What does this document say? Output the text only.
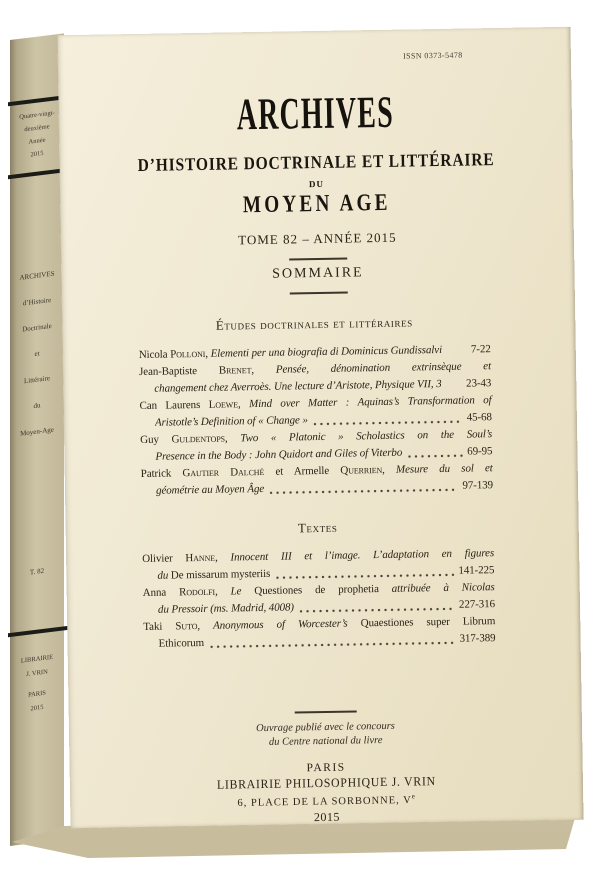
Quatre-vingt-
deuxième
Année
2015
ARCHIVES
d’Histoire
Doctrinale
et
Littéraire
du
Moyen-Age
T. 82
LIBRAIRIE
J. VRIN
PARIS
2015
ISSN 0373-5478
ARCHIVES
D’HISTOIRE DOCTRINALE ET LITTÉRAIRE
DU
MOYEN AGE
TOME 82 – ANNÉE 2015
SOMMAIRE
Études doctrinales et littéraires
Nicola Polloni, Elementi per una biografia di Dominicus Gundissalvi	7-22
Jean-Baptiste Brenet, Pensée, dénomination extrinsèque et
changement chez Averroès. Une lecture d’Aristote, Physique VII, 3 23-43
Can Laurens Loewe, Mind over Matter : Aquinas’s Transformation of
Aristotle’s Definition of « Change »	45-68
Guy Guldentops, Two « Platonic » Scholastics on the Soul’s
Presence in the Body : John Quidort and Giles of Viterbo	69-95
Patrick Gautier Dalché et Armelle Querrien, Mesure du sol et
géométrie au Moyen Âge	97-139
Textes
Olivier Hanne, Innocent III et l’image. L’adaptation en figures
du De missarum mysteriis	141-225
Anna Rodolfi, Le Questiones de prophetia attribuée à Nicolas
du Pressoir (ms. Madrid, 4008)	227-316
Taki Suto, Anonymous of Worcester’s Quaestiones super Librum
Ethicorum	317-389
Ouvrage publié avec le concours
du Centre national du livre
PARIS
LIBRAIRIE PHILOSOPHIQUE J. VRIN
6, PLACE DE LA SORBONNE, Ve
2015
